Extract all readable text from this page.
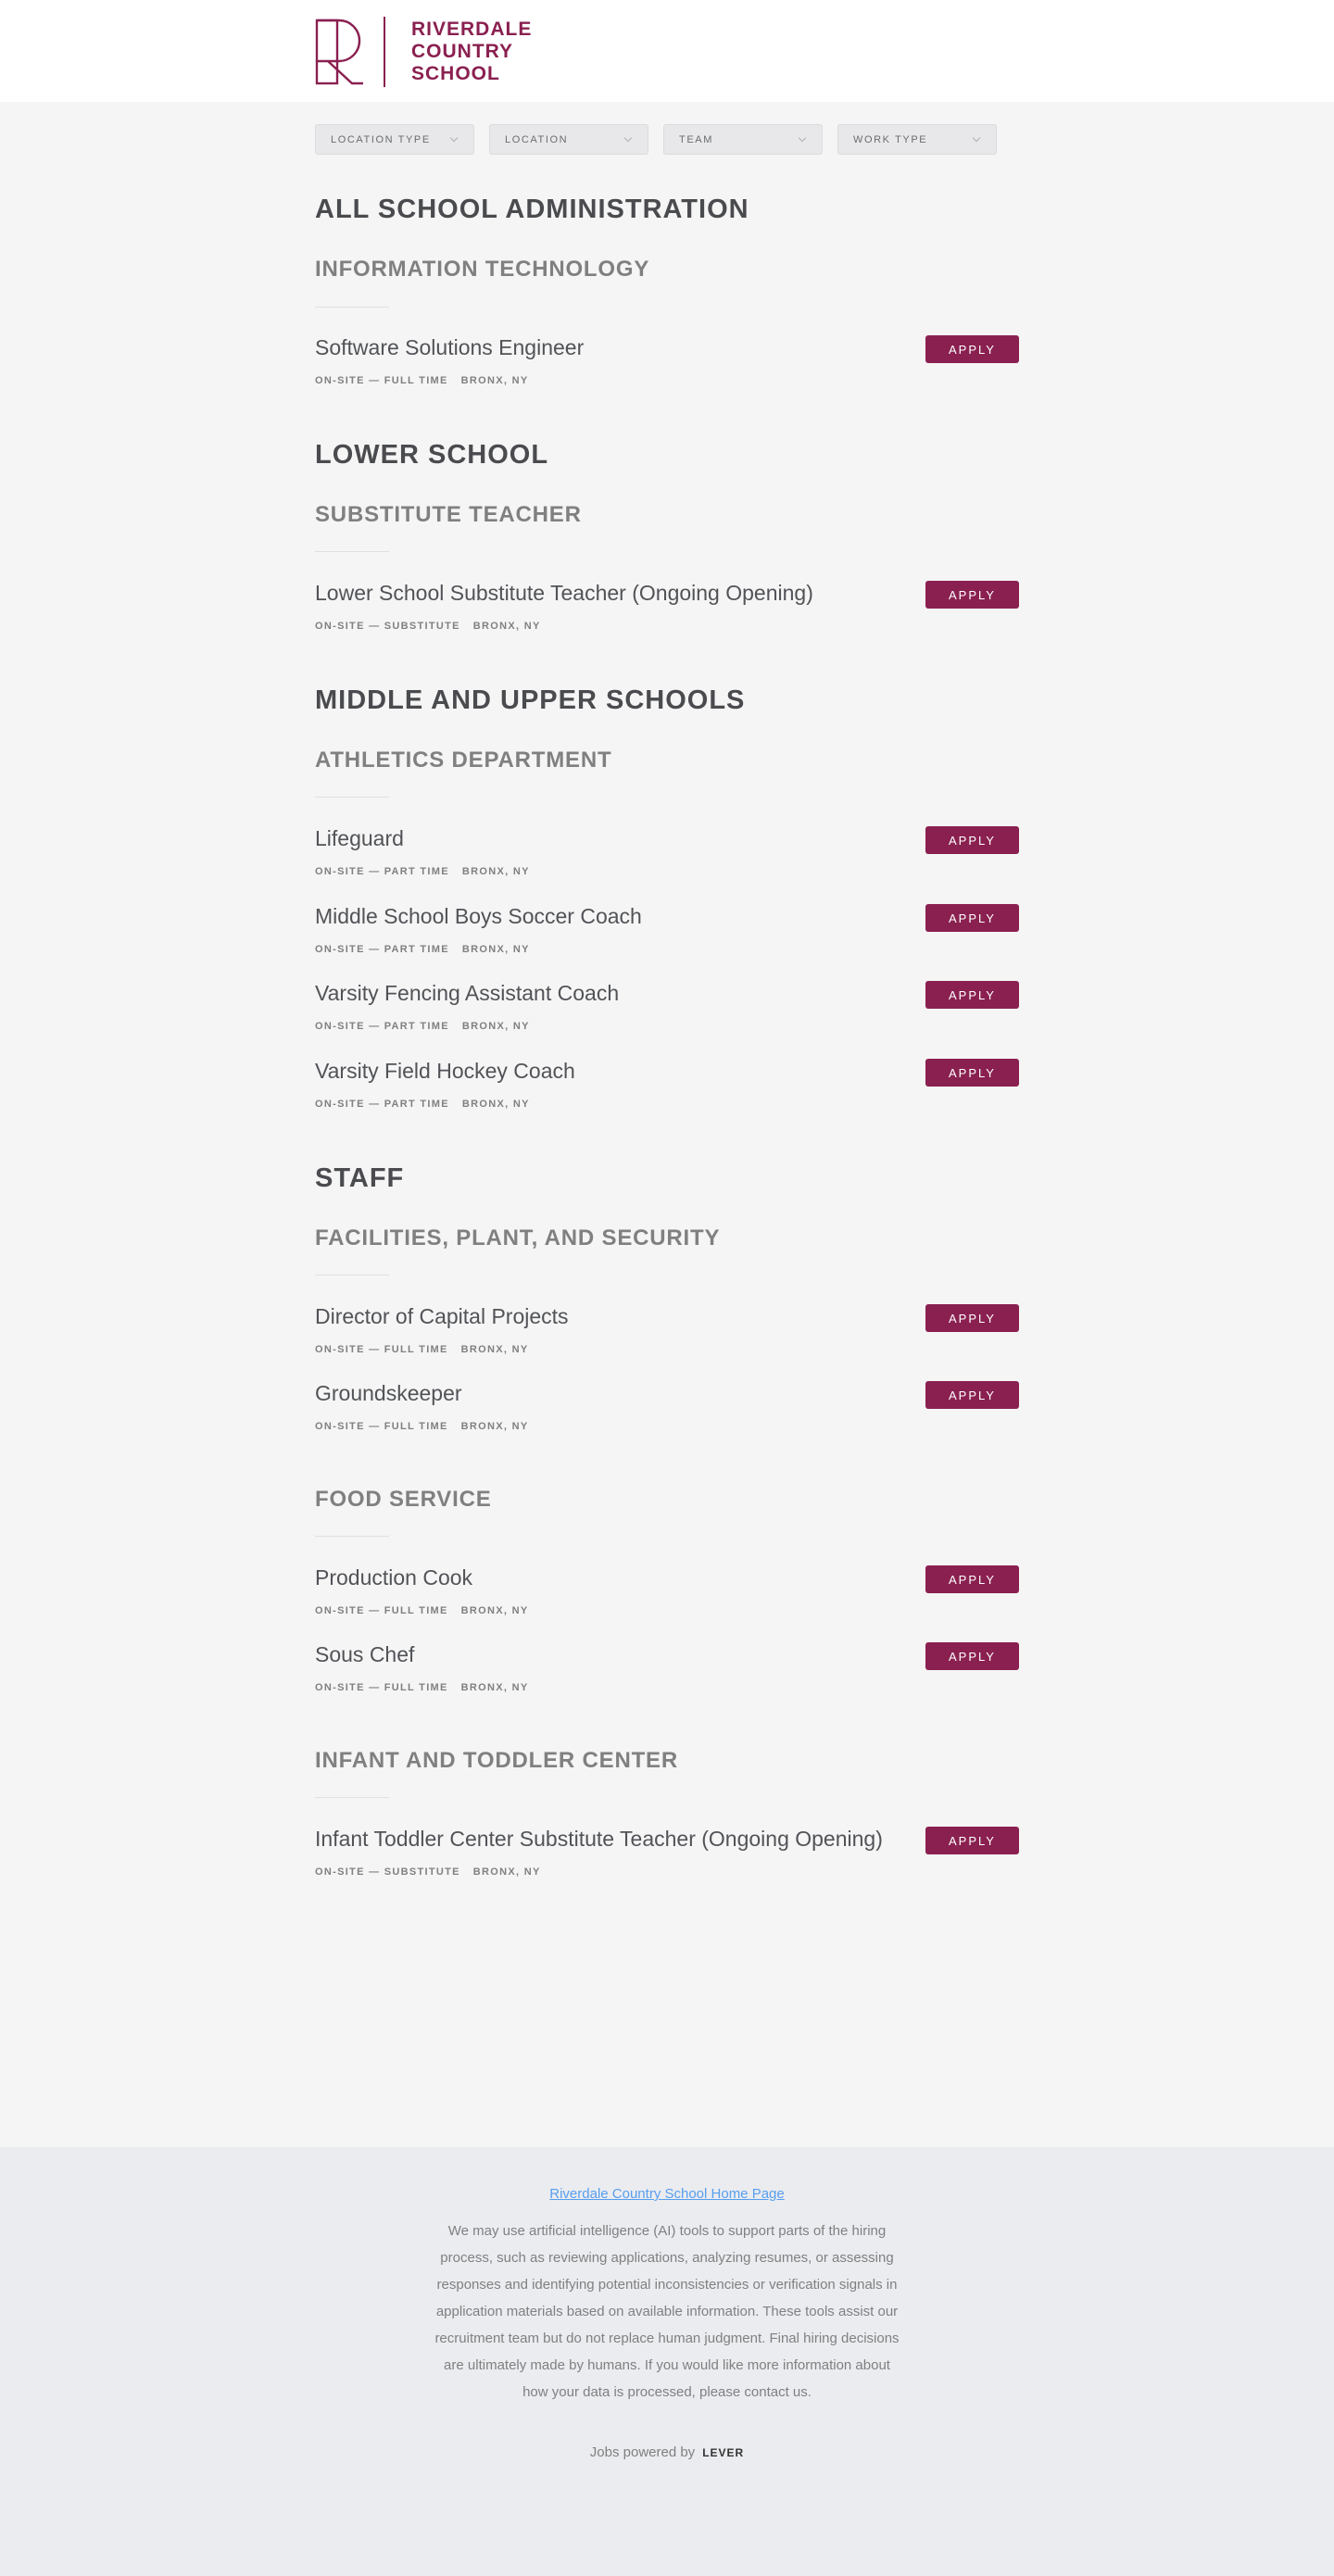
RIVERDALE
COUNTRY
SCHOOL
LOCATION TYPE	LOCATION	TEAM	WORK TYPE
ALL SCHOOL ADMINISTRATION
INFORMATION TECHNOLOGY
Software Solutions Engineer
ON-SITE — FULL TIME BRONX, NY
APPLY
LOWER SCHOOL
SUBSTITUTE TEACHER
Lower School Substitute Teacher (Ongoing Opening)
ON-SITE — SUBSTITUTE BRONX, NY
APPLY
MIDDLE AND UPPER SCHOOLS
ATHLETICS DEPARTMENT
Lifeguard
ON-SITE — PART TIME BRONX, NY
APPLY
Middle School Boys Soccer Coach
ON-SITE — PART TIME BRONX, NY
APPLY
Varsity Fencing Assistant Coach
ON-SITE — PART TIME BRONX, NY
APPLY
Varsity Field Hockey Coach
ON-SITE — PART TIME BRONX, NY
APPLY
STAFF
FACILITIES, PLANT, AND SECURITY
Director of Capital Projects
ON-SITE — FULL TIME BRONX, NY
APPLY
Groundskeeper
ON-SITE — FULL TIME BRONX, NY
APPLY
FOOD SERVICE
Production Cook
ON-SITE — FULL TIME BRONX, NY
APPLY
Sous Chef
ON-SITE — FULL TIME BRONX, NY
APPLY
INFANT AND TODDLER CENTER
Infant Toddler Center Substitute Teacher (Ongoing Opening)
ON-SITE — SUBSTITUTE BRONX, NY
APPLY
Riverdale Country School Home Page

We may use artificial intelligence (AI) tools to support parts of the hiring process, such as reviewing applications, analyzing resumes, or assessing responses and identifying potential inconsistencies or verification signals in application materials based on available information. These tools assist our recruitment team but do not replace human judgment. Final hiring decisions are ultimately made by humans. If you would like more information about how your data is processed, please contact us.

Jobs powered by LEVER
